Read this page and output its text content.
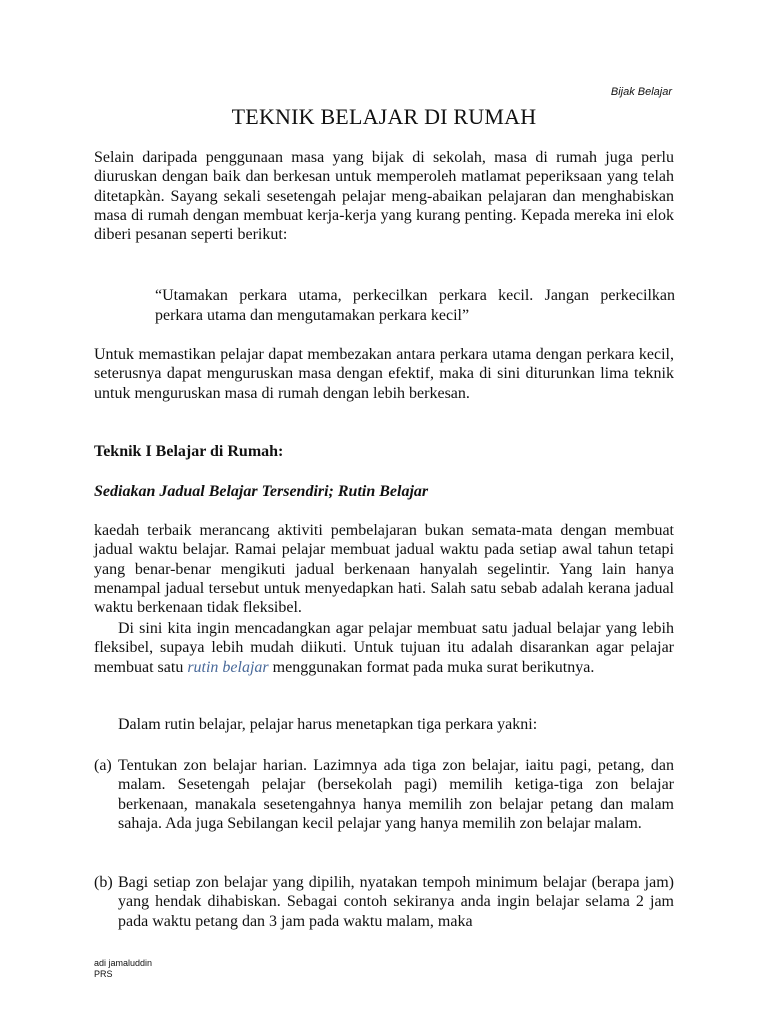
Bijak Belajar
TEKNIK BELAJAR DI RUMAH
Selain daripada penggunaan masa yang bijak di sekolah, masa di rumah juga perlu diuruskan dengan baik dan berkesan untuk memperoleh matlamat peperiksaan yang telah ditetapkàn. Sayang sekali sesetengah pelajar meng-abaikan pelajaran dan menghabiskan masa di rumah dengan membuat kerja-kerja yang kurang penting. Kepada mereka ini elok diberi pesanan seperti berikut:
“Utamakan perkara utama, perkecilkan perkara kecil. Jangan perkecilkan perkara utama dan mengutamakan perkara kecil”
Untuk memastikan pelajar dapat membezakan antara perkara utama dengan perkara kecil, seterusnya dapat menguruskan masa dengan efektif, maka di sini diturunkan lima teknik untuk menguruskan masa di rumah dengan lebih berkesan.
Teknik I Belajar di Rumah:
Sediakan Jadual Belajar Tersendiri; Rutin Belajar
kaedah terbaik merancang aktiviti pembelajaran bukan semata-mata dengan membuat jadual waktu belajar. Ramai pelajar membuat jadual waktu pada setiap awal tahun tetapi yang benar-benar mengikuti jadual berkenaan hanyalah segelintir. Yang lain hanya menampal jadual tersebut untuk menyedapkan hati. Salah satu sebab adalah kerana jadual waktu berkenaan tidak fleksibel.
Di sini kita ingin mencadangkan agar pelajar membuat satu jadual belajar yang lebih fleksibel, supaya lebih mudah diikuti. Untuk tujuan itu adalah disarankan agar pelajar membuat satu rutin belajar menggunakan format pada muka surat berikutnya.
Dalam rutin belajar, pelajar harus menetapkan tiga perkara yakni:
(a) Tentukan zon belajar harian. Lazimnya ada tiga zon belajar, iaitu pagi, petang, dan malam. Sesetengah pelajar (bersekolah pagi) memilih ketiga-tiga zon belajar berkenaan, manakala sesetengahnya hanya memilih zon belajar petang dan malam sahaja. Ada juga Sebilangan kecil pelajar yang hanya memilih zon belajar malam.
(b) Bagi setiap zon belajar yang dipilih, nyatakan tempoh minimum belajar (berapa jam) yang hendak dihabiskan. Sebagai contoh sekiranya anda ingin belajar selama 2 jam pada waktu petang dan 3 jam pada waktu malam, maka
adi jamaluddin
PRS
